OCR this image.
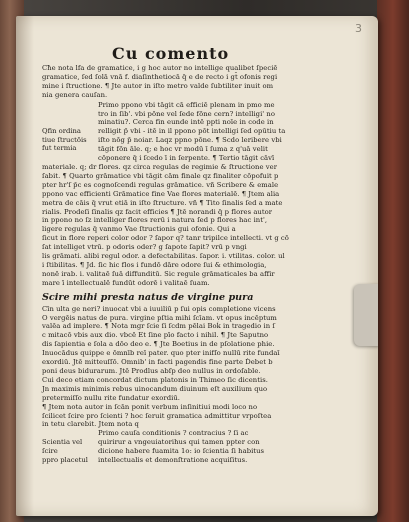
3
Cu comento

Cħe nota lfa de gramatice, i g hoc autor no intellige qualibet ſpeciē

gramatice, ſed ſolā vnā f. diaſinthetiocā q̄ e de recto i gt̄ ofonis regi

mine i ſtructione. ¶ Jte autor in iſto metro valde ſubtiliter inuit om

nia genera cauſan.

Qfin ordina
tiue ſtructōis
fut termia

Primo ppono vbi tāgit cā efficiē plenam in pmo me

tro in ſib'. vbi pōne vel ſede fōne cern? intelligi' no

minatiu?. Cerca fin eunde intē ppti noīe in code in

relligit p̄ vbi - itē in il ppono pōt intelligi ſed opūtiu ta

iſto nōg p̄ noiar. Laqz ppno pōne. ¶ Scdo leribere vbi

tāgit fōn āle. q; e hoc vr modū ī ſuma z q'uā velit

cōponere q̄ i ſcedo ī in ſerpente. ¶ Tertio tāgit cāvī

materiale. q; dr flores. qz circa regulas de regimie & ſtructione ver

ſabit. ¶ Quarto grāmatice vbi tāgit cām finale qz finaliter cōpofuit p

pter hr'ſ p̄c es cognoſcendi regulas grāmatice. vñ Scribere & emale

ppono vac efficienti Grāmatice fine Vae flores materialē. ¶ Jtem alia

metra de cāis q̄ vrut etiā in iſto ſtructure. vñ ¶ Tito ſinalis ſed a mate

rialis. Prodeſi ſinalis qz facit efficies ¶ Jtē norandi q̄ p flores autor

in ppono no ſz intelliger flores rerū i natura ſed p flores hac int',

ligere regulas q̄ vanmo Vae ſtructionis gui ofonie. Qui a

ſicut in flore reperi color odor ? ſapor q? tanr tripilce intellecti. vt g cō

ſat intelliget vtrū. p odoris oder? g ſapote ſapit? vrū p vngi

lis grāmati. alibi regul odor. a defectabilitas. ſapor. i. vtilitas. color. ul

i ſtibilitas. ¶ Jd. ſic hic flos i fundō dāre odore ſui & ethimologia,

nonē irab. i. valitaē ſuā diffunditū. Sic regule grāmaticales ba affir

mare ī intellectualē fundūt odorē i valitaē ſuam.

Scire mihi presta natus de virgine pura

Cīn ulta ge neri? inuocat vbi a iuuiliū p ſui opis completione vicens

O vergēis natus de pura. virgine pſtia mihi ſcīam. vt opus incēptum

valēa ad implere. ¶ Nota mgr ſcie ſi ſcdm pēlai Boḱ in tragedio in ſ

c mitacō vbis aux dio. vbcē Et ſine pīo facto i nihil. ¶ Jte Saputno

dis ſapientia e ſola a dōo deo e. ¶ Jte Boetius in de pſolatione phie.

Inuocādus quippe e ōmnīb reī pater. quo pter inifſo nullū rite fundaī

exordiū. Jtē mitteuſſō. Omnib' in facti pagendis fine parte Ḋebet b

poni deus bidurarum. Jtē Prodlus abſp deo nullus in ordoſable.

Cui deco etiam concordat dictum platonis in Thimeo ſic dicentis.

Jn maximis minimis rebus uinocandum diuinum eſt auxilium quo

pretermiſſo nullu rite fundatur exordiū.

¶ Jtem nota autor in ſcān ponit verbum inſinitiui modi loco no

ſcilicet ſcire pro ſcienti ? hoc ſeruit gramatica admittitur vrpoſtea

in tetu clarebit. Jtem nota q

Scientia vel ſcire
ppro placetul

Primo cauſa conditionis ? contracius ? ſi ac

quirirur a vngeuiatorihus qui tamen ppter con

dicione habere fuamita 1o: io ſcientia ſi habitus

intellectualis et demonſtratione acquiſitus.
